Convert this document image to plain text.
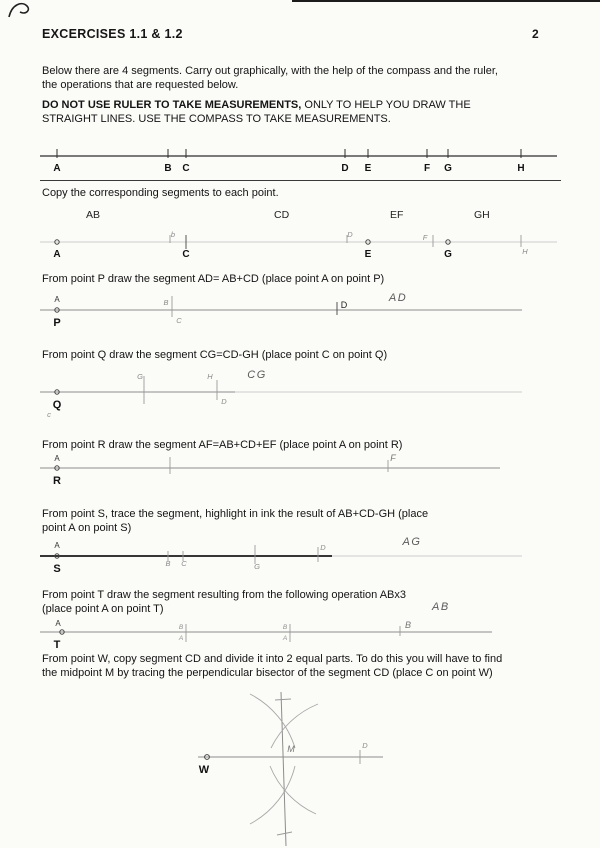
EXCERCISES 1.1 & 1.2	2

Below there are 4 segments. Carry out graphically, with the help of the compass and the ruler,
the operations that are requested below.

DO NOT USE RULER TO TAKE MEASUREMENTS, ONLY TO HELP YOU DRAW THE
STRAIGHT LINES. USE THE COMPASS TO TAKE MEASUREMENTS.

A	B C	D E	F G	H

Copy the corresponding segments to each point.

AB	CD	EF	GH
A
b
C
D
E
F
G	H

From point P draw the segment AD= AB+CD (place point A on point P)

A
P
B
C
D
AD

From point Q draw the segment CG=CD-GH (place point C on point Q)

Q
c
G	H
D
CG

From point R draw the segment AF=AB+CD+EF (place point A on point R)

A
R
F

From point S, trace the segment, highlight in ink the result of AB+CD-GH (place
point A on point S)

A
S	B C	G
D	AG

From point T draw the segment resulting from the following operation ABx3
(place point A on point T)	AB
A
T
B
A
B
A
B

From point W, copy segment CD and divide it into 2 equal parts. To do this you will have to find
the midpoint M by tracing the perpendicular bisector of the segment CD (place C on point W)

W
M	D
